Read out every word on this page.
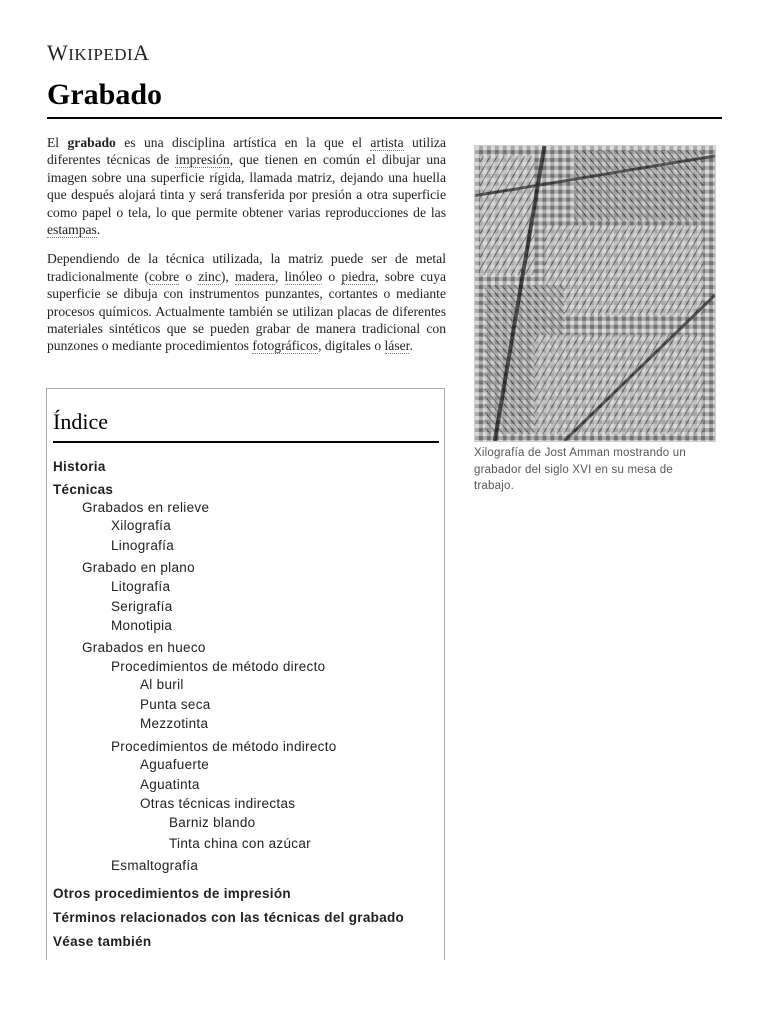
WIKIPEDIA
Grabado

El grabado es una disciplina artística en la que el artista utiliza diferentes técnicas de impresión, que tienen en común el dibujar una imagen sobre una superficie rígida, llamada matriz, dejando una huella que después alojará tinta y será transferida por presión a otra superficie como papel o tela, lo que permite obtener varias reproducciones de las estampas.

Dependiendo de la técnica utilizada, la matriz puede ser de metal tradicionalmente (cobre o zinc), madera, linóleo o piedra, sobre cuya superficie se dibuja con instrumentos punzantes, cortantes o mediante procesos químicos. Actualmente también se utilizan placas de diferentes materiales sintéticos que se pueden grabar de manera tradicional con punzones o mediante procedimientos fotográficos, digitales o láser.

Xilografía de Jost Amman mostrando un grabador del siglo XVI en su mesa de trabajo.
Índice
Historia
Técnicas
Grabados en relieve
Xilografía
Linografía
Grabado en plano
Litografía
Serigrafía
Monotipia
Grabados en hueco
Procedimientos de método directo
Al buril
Punta seca
Mezzotinta
Procedimientos de método indirecto
Aguafuerte
Aguatinta
Otras técnicas indirectas
Barniz blando
Tinta china con azúcar
Esmaltografía
Otros procedimientos de impresión
Términos relacionados con las técnicas del grabado
Véase también
